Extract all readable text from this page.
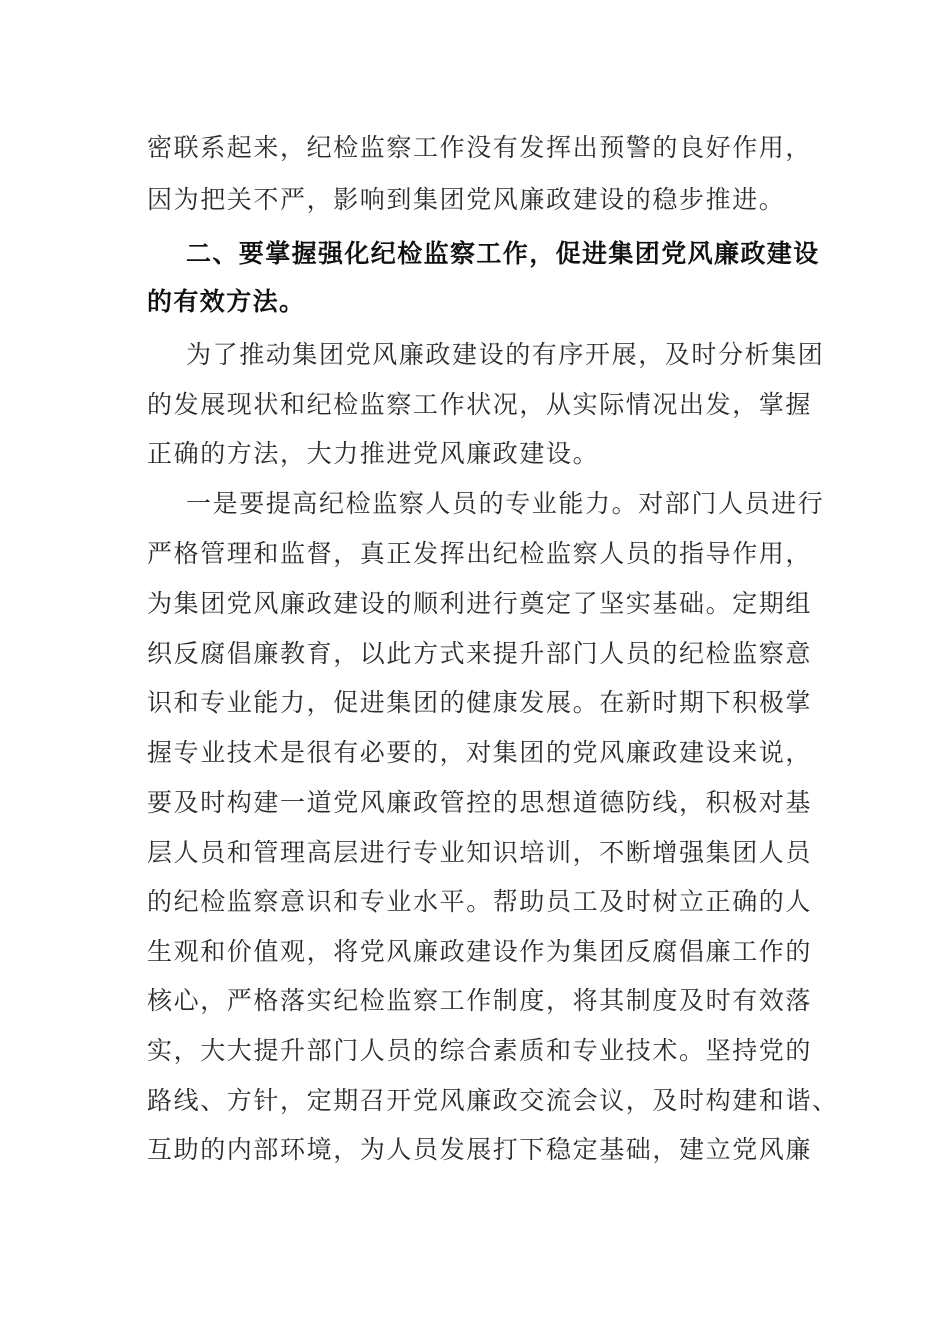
密联系起来，纪检监察工作没有发挥出预警的良好作用，
因为把关不严，影响到集团党风廉政建设的稳步推进。
二、要掌握强化纪检监察工作，促进集团党风廉政建设
的有效方法。
为了推动集团党风廉政建设的有序开展，及时分析集团
的发展现状和纪检监察工作状况，从实际情况出发，掌握
正确的方法，大力推进党风廉政建设。
一是要提高纪检监察人员的专业能力。对部门人员进行
严格管理和监督，真正发挥出纪检监察人员的指导作用，
为集团党风廉政建设的顺利进行奠定了坚实基础。定期组
织反腐倡廉教育，以此方式来提升部门人员的纪检监察意
识和专业能力，促进集团的健康发展。在新时期下积极掌
握专业技术是很有必要的，对集团的党风廉政建设来说，
要及时构建一道党风廉政管控的思想道德防线，积极对基
层人员和管理高层进行专业知识培训，不断增强集团人员
的纪检监察意识和专业水平。帮助员工及时树立正确的人
生观和价值观，将党风廉政建设作为集团反腐倡廉工作的
核心，严格落实纪检监察工作制度，将其制度及时有效落
实，大大提升部门人员的综合素质和专业技术。坚持党的
路线、方针，定期召开党风廉政交流会议，及时构建和谐、
互助的内部环境，为人员发展打下稳定基础，建立党风廉
